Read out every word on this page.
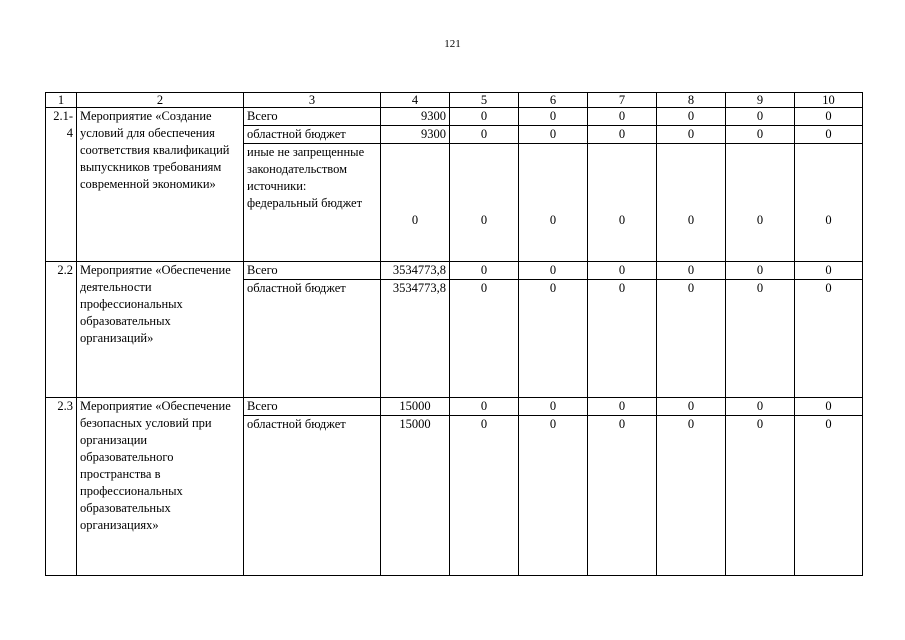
121
1	2	3	4	5	6	7	8	9	10
2.1-4	Мероприятие «Создание условий для обеспечения соответствия квалификаций выпускников требованиям современной экономики»	Всего	9300	0	0	0	0	0	0
		областной бюджет	9300	0	0	0	0	0	0
		иные не запрещенные законодательством источники: федеральный бюджет	0	0	0	0	0	0	0
2.2	Мероприятие «Обеспечение деятельности профессиональных образовательных организаций»	Всего	3534773,8	0	0	0	0	0	0
		областной бюджет	3534773,8	0	0	0	0	0	0
2.3	Мероприятие «Обеспечение безопасных условий при организации образовательного пространства в профессиональных образовательных организациях»	Всего	15000	0	0	0	0	0	0
		областной бюджет	15000	0	0	0	0	0	0
